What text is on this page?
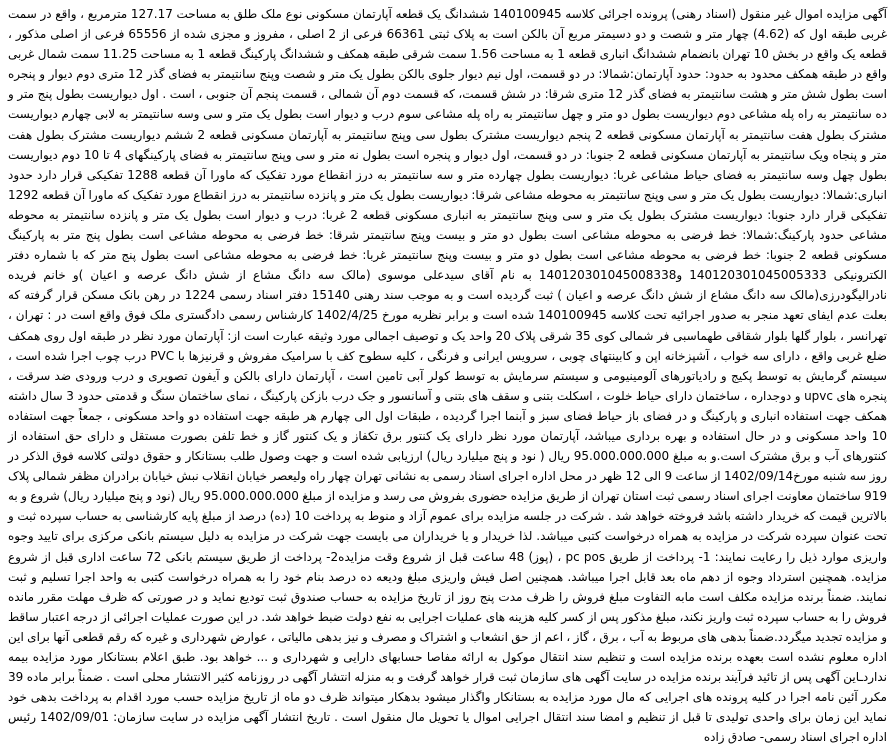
آگهی مزایده اموال غیر منقول (اسناد رهنی) پرونده اجرائی کلاسه 140100945 ششدانگ یک قطعه آپارتمان مسکونی نوع ملک طلق به مساحت 127.17 مترمربع ، واقع در سمت غربی طبقه اول که (4.62) چهار متر و شصت و دو دسیمتر مربع آن بالکن است به پلاک ثبتی 66361 فرعی از 2 اصلی ، مفروز و مجزی شده از 65556 فرعی از اصلی مذکور ، قطعه یک واقع در بخش 10 تهران بانضمام ششدانگ انباری قطعه 1 به مساحت 1.56 سمت شرقی طبقه همکف و ششدانگ پارکینگ قطعه 1 به مساحت 11.25 سمت شمال غربی واقع در طبقه همکف محدود به حدود: حدود آپارتمان:شمالا: در دو قسمت، اول نیم دیوار جلوی بالکن بطول یک متر و شصت وپنج سانتیمتر به فضای گذر 12 متری دوم دیوار و پنجره است بطول شش متر و هشت سانتیمتر به فضای گذر 12 متری شرقا: در شش قسمت، که قسمت دوم آن شمالی ، قسمت پنجم آن جنوبی ، است . اول دیواریست بطول پنج متر و ده سانتیمتر به راه پله مشاعی دوم دیواریست بطول دو متر و چهل سانتیمتر به راه پله مشاعی سوم درب و دیوار است بطول یک متر و سی وسه سانتیمتر به لابی چهارم دیواریست مشترک بطول هفت سانتیمتر به آپارتمان مسکونی قطعه 2 پنجم دیواریست مشترک بطول سی وپنج سانتیمتر به آپارتمان مسکونی قطعه 2 ششم دیواریست مشترک بطول هفت متر و پنجاه ویک سانتیمتر به آپارتمان مسکونی قطعه 2 جنوبا: در دو قسمت، اول دیوار و پنجره است بطول نه متر و سی وپنج سانتیمتر به فضای پارکینگهای 4 تا 10 دوم دیواریست بطول چهل وسه سانتیمتر به فضای حیاط مشاعی غربا: دیواریست بطول چهارده متر و سه سانتیمتر به درز انقطاع مورد تفکیک که ماورا آن قطعه 1288 تفکیکی قرار دارد حدود انباری:شمالا: دیواریست بطول یک متر و سی وپنج سانتیمتر به محوطه مشاعی شرقا: دیواریست بطول یک متر و پانزده سانتیمتر به درز انقطاع مورد تفکیک که ماورا آن قطعه 1292 تفکیکی قرار دارد جنوبا: دیواریست مشترک بطول یک متر و سی وپنج سانتیمتر به انباری مسکونی قطعه 2 غربا: درب و دیوار است بطول یک متر و پانزده سانتیمتر به محوطه مشاعی حدود پارکینگ:شمالا: خط فرضی به محوطه مشاعی است بطول دو متر و بیست وپنج سانتیمتر شرقا: خط فرضی به محوطه مشاعی است بطول پنج متر به پارکینگ مسکونی قطعه 2 جنوبا: خط فرضی به محوطه مشاعی است بطول دو متر و بیست وپنج سانتیمتر غربا: خط فرضی به محوطه مشاعی است بطول پنج متر که با شماره دفتر الکترونیکی 140120301045005333 و140120301045008338 به نام آقای سیدعلی موسوی (مالک سه دانگ مشاع از شش دانگ عرصه و اعیان )و خانم فریده نادرالیگودرزی(مالک سه دانگ مشاع از شش دانگ عرصه و اعیان ) ثبت گردیده است و به موجب سند رهنی 15140 دفتر اسناد رسمی 1224 در رهن بانک مسکن قرار گرفته که بعلت عدم ایفای تعهد منجر به صدور اجرائیه تحت کلاسه 140100945 شده است و برابر نظریه مورخ 1402/4/25 کارشناس رسمی دادگستری ملک فوق واقع است در : تهران ، تهرانسر ، بلوار گلها بلوار شقاقی طهماسبی فر شمالی کوی 35 شرقی پلاک 20 واحد یک و توصیف اجمالی مورد وثیقه عبارت است از: آپارتمان مورد نظر در طبقه اول روی همکف ضلع غربی واقع ، دارای سه خواب ، آشپزخانه اپن و کابینتهای چوبی ، سرویس ایرانی و فرنگی ، کلیه سطوح کف با سرامیک مفروش و قرنیزها با PVC درب چوب اجرا شده است ، سیستم گرمایش به توسط پکیج و رادیاتورهای آلومینیومی و سیستم سرمایش به توسط کولر آبی تامین است ، آپارتمان دارای بالکن و آیفون تصویری و درب ورودی ضد سرقت ، پنجره های upvc و دوجداره ، ساختمان دارای حیاط خلوت ، اسکلت بتنی و سقف های بتنی و آسانسور و جک درب بازکن پارکینگ ، نمای ساختمان سنگ و قدمتی حدود 3 سال داشته همکف جهت استفاده انباری و پارکینگ و در فضای باز حیاط فضای سبز و آبنما اجرا گردیده ، طبقات اول الی چهارم هر طبقه جهت استفاده دو واحد مسکونی ، جمعاً جهت استفاده 10 واحد مسکونی و در حال استفاده و بهره برداری میباشد، آپارتمان مورد نظر دارای یک کنتور برق تکفاز و یک کنتور گاز و خط تلفن بصورت مستقل و دارای حق استفاده از کنتورهای آب و برق مشترک است.و به مبلغ 95.000.000.000 ریال ( نود و پنج میلیارد ریال) ارزیابی شده است و جهت وصول طلب بستانکار و حقوق دولتی کلاسه فوق الذکر در روز سه شنبه مورخ1402/09/14 از ساعت 9 الی 12 ظهر در محل اداره اجرای اسناد رسمی به نشانی تهران چهار راه ولیعصر خیابان انقلاب نبش خیابان برادران مظفر شمالی پلاک 919 ساختمان معاونت اجرای اسناد رسمی ثبت استان تهران از طریق مزایده حضوری بفروش می رسد و مزایده از مبلغ 95.000.000.000 ریال (نود و پنج میلیارد ریال) شروع و به بالاترین قیمت که خریدار داشته باشد فروخته خواهد شد . شرکت در جلسه مزایده برای عموم آزاد و منوط به پرداخت 10 (ده) درصد از مبلغ پایه کارشناسی به حساب سپرده ثبت و تحت عنوان سپرده شرکت در مزایده به همراه درخواست کتبی میباشد. لذا خریدار و یا خریداران می بایست جهت شرکت در مزایده به دلیل سیستم بانکی مرکزی برای تایید وجوه واریزی موارد ذیل را رعایت نمایند: 1- پرداخت از طریق pc pos ، (پوز) 48 ساعت قبل از شروع وقت مزایده2- پرداخت از طریق سیستم بانکی 72 ساعت اداری قبل از شروع مزایده. همچنین استرداد وجوه از دهم ماه بعد قابل اجرا میباشد. همچنین اصل فیش واریزی مبلغ ودیعه ده درصد بنام خود را به همراه درخواست کتبی به واحد اجرا تسلیم و ثبت نمایند. ضمناً برنده مزایده مکلف است مابه التفاوت مبلغ فروش را ظرف مدت پنج روز از تاریخ مزایده به حساب صندوق ثبت تودیع نماید و در صورتی که ظرف مهلت مقرر مانده فروش را به حساب سپرده ثبت واریز نکند، مبلغ مذکور پس از کسر کلیه هزینه های عملیات اجرایی به نفع دولت ضبط خواهد شد. در این صورت عملیات اجرائی از درجه اعتبار ساقط و مزایده تجدید میگردد.ضمناً بدهی های مربوط به آب ، برق ، گاز ، اعم از حق انشعاب و اشتراک و مصرف و نیز بدهی مالیاتی ، عوارض شهرداری و غیره که رقم قطعی آنها برای این اداره معلوم نشده است بعهده برنده مزایده است و تنظیم سند انتقال موکول به ارائه مفاصا حسابهای دارایی و شهرداری و ... خواهد بود. طبق اعلام بستانکار مورد مزایده بیمه نداردـاین آگهی پس از تائید فرآیند برنده مزایده در سایت آگهی های سازمان ثبت قرار خواهد گرفت و به منزله انتشار آگهی در روزنامه کثیر الانتشار محلی است . ضمناً برابر ماده 39 مکرر آئین نامه اجرا در کلیه پرونده های اجرایی که مال مورد مزایده به بستانکار واگذار میشود بدهکار میتواند ظرف دو ماه از تاریخ مزایده حسب مورد اقدام به پرداخت بدهی خود نماید این زمان برای واحدی تولیدی تا قبل از تنظیم و امضا سند انتقال اجرایی اموال یا تحویل مال منقول است . تاریخ انتشار آگهی مزایده در سایت سازمان: 1402/09/01 رئیس اداره اجرای اسناد رسمی- صادق زاده
